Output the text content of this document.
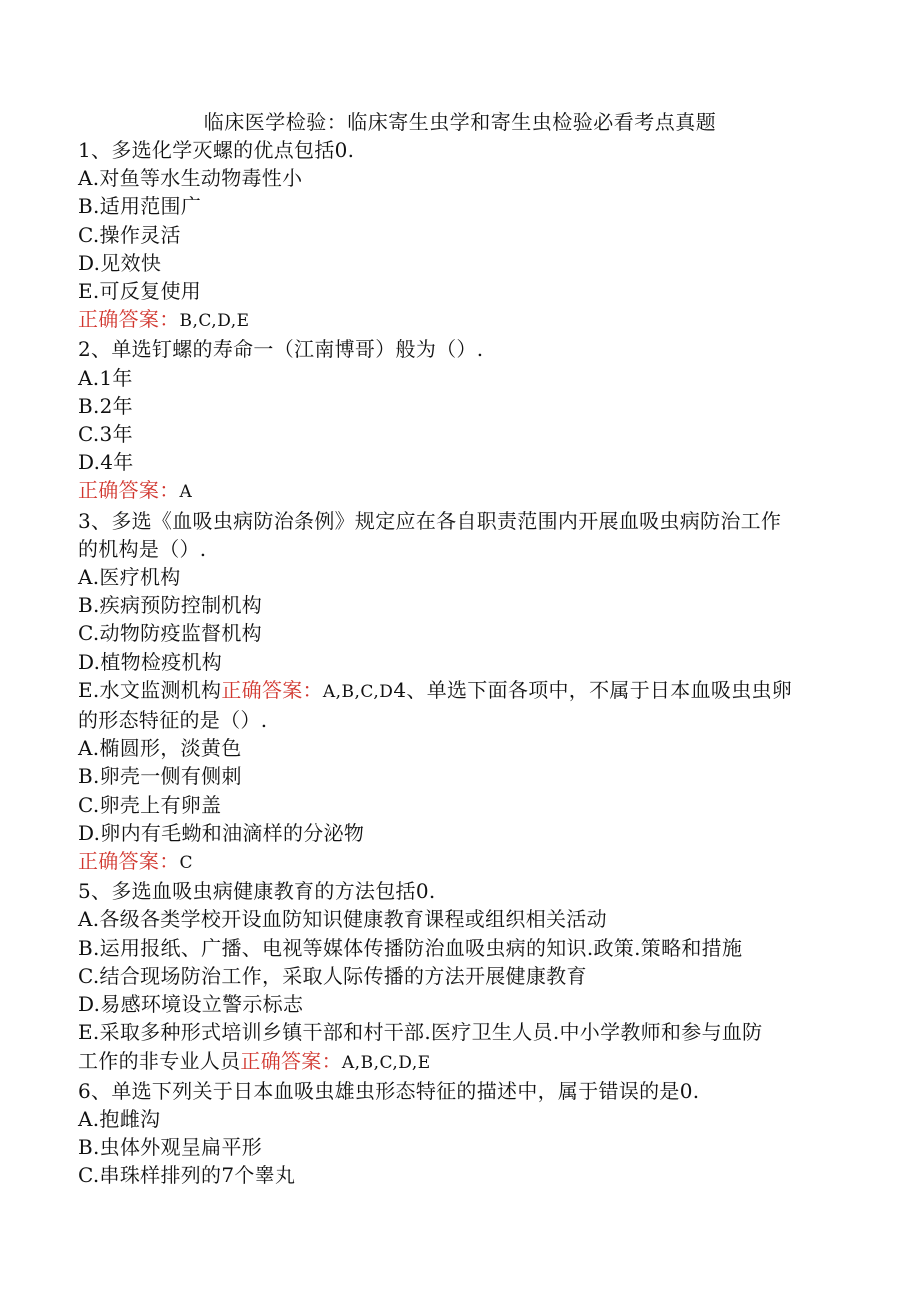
临床医学检验：临床寄生虫学和寄生虫检验必看考点真题
1、多选化学灭螺的优点包括0.
A.对鱼等水生动物毒性小
B.适用范围广
C.操作灵活
D.见效快
E.可反复使用
正确答案：B,C,D,E
2、单选钉螺的寿命一（江南博哥）般为（）.
A.1年
B.2年
C.3年
D.4年
正确答案：A
3、多选《血吸虫病防治条例》规定应在各自职责范围内开展血吸虫病防治工作
的机构是（）.
A.医疗机构
B.疾病预防控制机构
C.动物防疫监督机构
D.植物检疫机构
E.水文监测机构正确答案：A,B,C,D4、单选下面各项中，不属于日本血吸虫虫卵
的形态特征的是（）.
A.椭圆形，淡黄色
B.卵壳一侧有侧刺
C.卵壳上有卵盖
D.卵内有毛蚴和油滴样的分泌物
正确答案：C
5、多选血吸虫病健康教育的方法包括0.
A.各级各类学校开设血防知识健康教育课程或组织相关活动
B.运用报纸、广播、电视等媒体传播防治血吸虫病的知识.政策.策略和措施
C.结合现场防治工作，采取人际传播的方法开展健康教育
D.易感环境设立警示标志
E.采取多种形式培训乡镇干部和村干部.医疗卫生人员.中小学教师和参与血防
工作的非专业人员正确答案：A,B,C,D,E
6、单选下列关于日本血吸虫雄虫形态特征的描述中，属于错误的是0.
A.抱雌沟
B.虫体外观呈扁平形
C.串珠样排列的7个睾丸
